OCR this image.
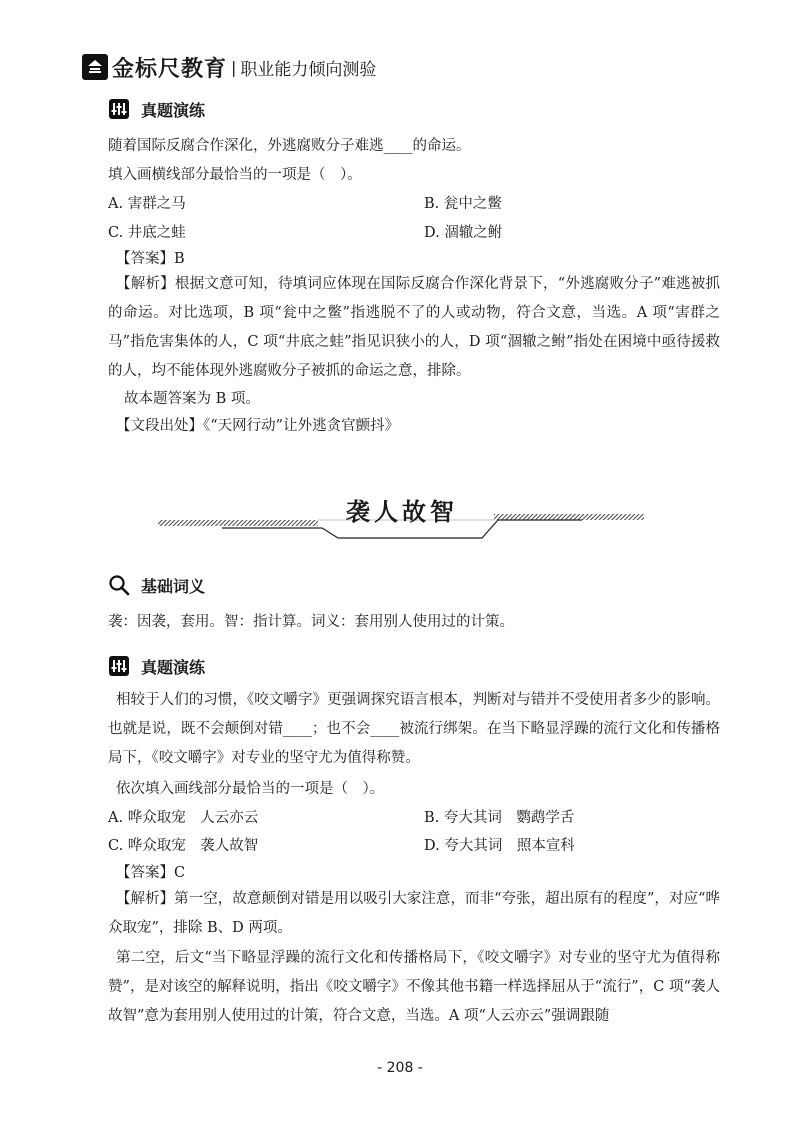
金标尺教育 | 职业能力倾向测验
真题演练
随着国际反腐合作深化，外逃腐败分子难逃____的命运。
填入画横线部分最恰当的一项是（　）。
A. 害群之马	B. 瓮中之鳖
C. 井底之蛙	D. 涸辙之鲋
【答案】B
【解析】根据文意可知，待填词应体现在国际反腐合作深化背景下，“外逃腐败分子”难逃被抓的命运。对比选项，B 项“瓮中之鳖”指逃脱不了的人或动物，符合文意，当选。A 项“害群之马”指危害集体的人，C 项“井底之蛙”指见识狭小的人，D 项“涸辙之鲋”指处在困境中亟待援救的人，均不能体现外逃腐败分子被抓的命运之意，排除。
故本题答案为 B 项。
【文段出处】《“天网行动”让外逃贪官颤抖》
袭人故智
基础词义
袭：因袭，套用。智：指计算。词义：套用别人使用过的计策。
真题演练
相较于人们的习惯，《咬文嚼字》更强调探究语言根本，判断对与错并不受使用者多少的影响。也就是说，既不会颠倒对错____；也不会____被流行绑架。在当下略显浮躁的流行文化和传播格局下，《咬文嚼字》对专业的坚守尤为值得称赞。
依次填入画线部分最恰当的一项是（　）。
A. 哗众取宠　人云亦云	B. 夸大其词　鹦鹉学舌
C. 哗众取宠　袭人故智	D. 夸大其词　照本宣科
【答案】C
【解析】第一空，故意颠倒对错是用以吸引大家注意，而非“夸张，超出原有的程度”，对应“哗众取宠”，排除 B、D 两项。
第二空，后文“当下略显浮躁的流行文化和传播格局下，《咬文嚼字》对专业的坚守尤为值得称赞”，是对该空的解释说明，指出《咬文嚼字》不像其他书籍一样选择屈从于“流行”，C 项“袭人故智”意为套用别人使用过的计策，符合文意，当选。A 项“人云亦云”强调跟随
- 208 -
